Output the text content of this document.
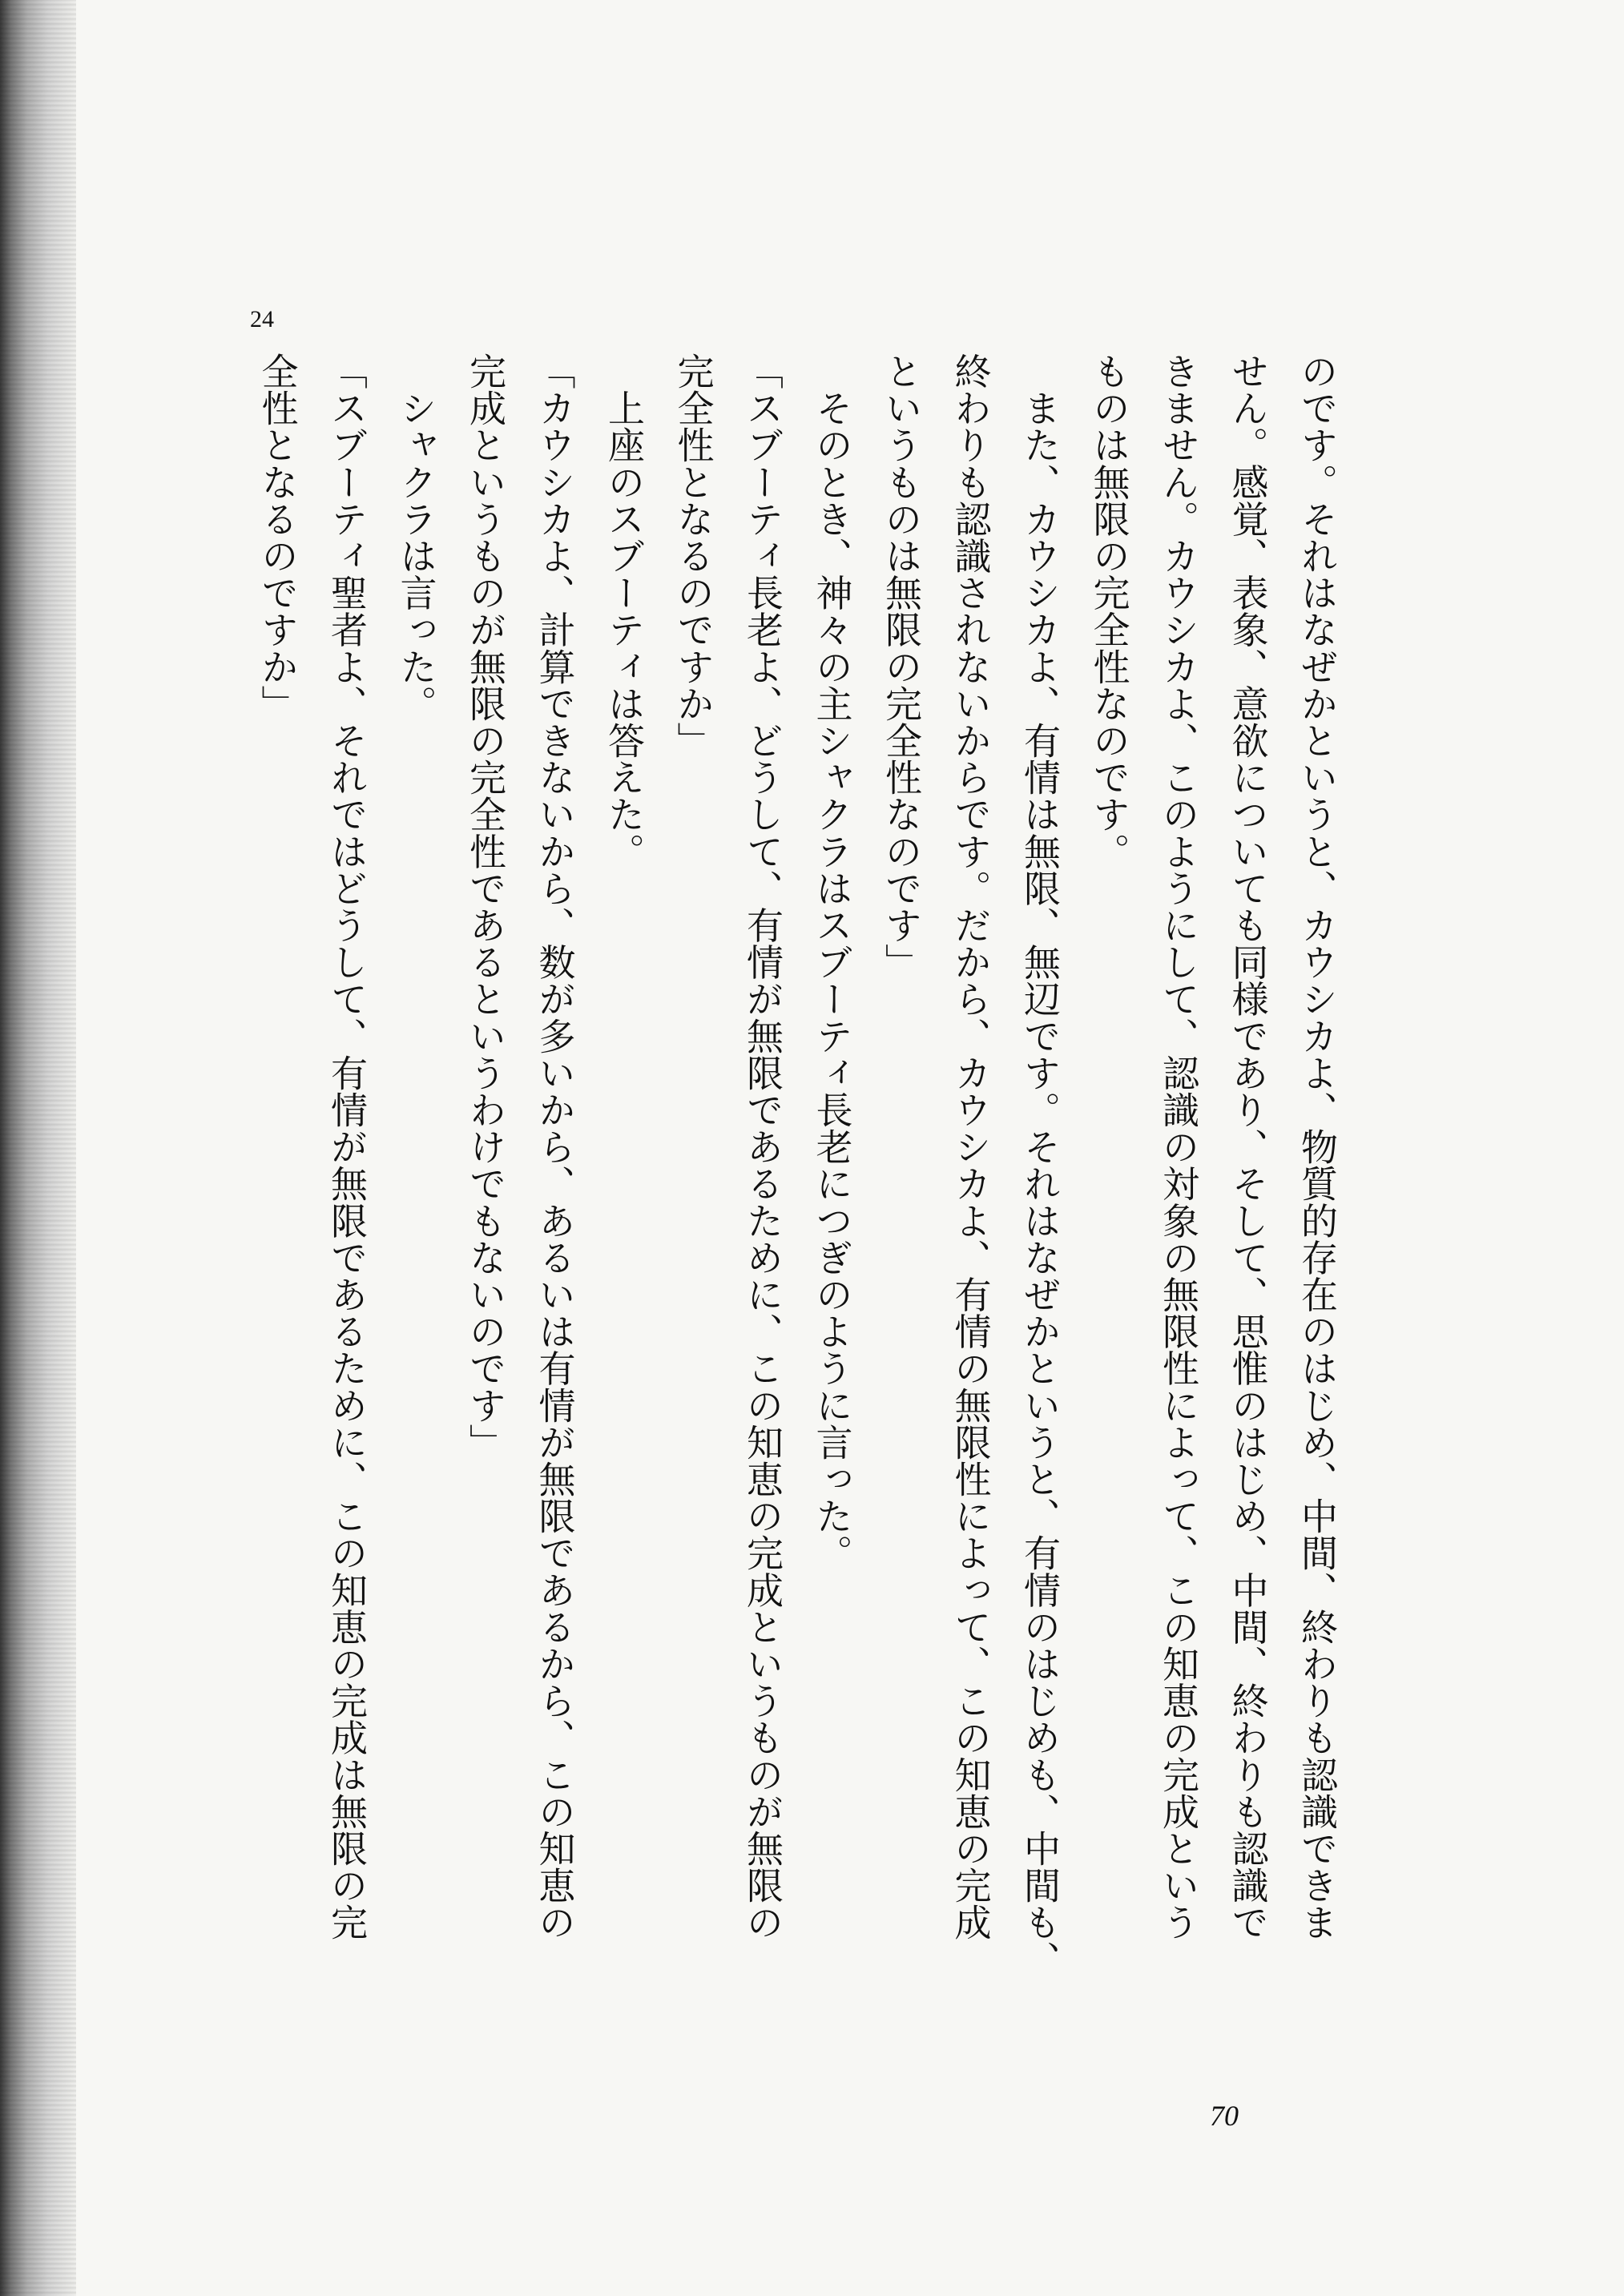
24
のです。それはなぜかというと、カウシカよ、物質的存在のはじめ、中間、終わりも認識できま
せん。感覚、表象、意欲についても同様であり、そして、思惟のはじめ、中間、終わりも認識で
きません。カウシカよ、このようにして、認識の対象の無限性によって、この知恵の完成という
ものは無限の完全性なのです。
　また、カウシカよ、有情は無限、無辺です。それはなぜかというと、有情のはじめも、中間も、
終わりも認識されないからです。だから、カウシカよ、有情の無限性によって、この知恵の完成
というものは無限の完全性なのです」
　そのとき、神々の主シャクラはスブーティ長老につぎのように言った。
「スブーティ長老よ、どうして、有情が無限であるために、この知恵の完成というものが無限の
完全性となるのですか」
　上座のスブーティは答えた。
「カウシカよ、計算できないから、数が多いから、あるいは有情が無限であるから、この知恵の
完成というものが無限の完全性であるというわけでもないのです」
　シャクラは言った。
「スブーティ聖者よ、それではどうして、有情が無限であるために、この知恵の完成は無限の完
全性となるのですか」
70
